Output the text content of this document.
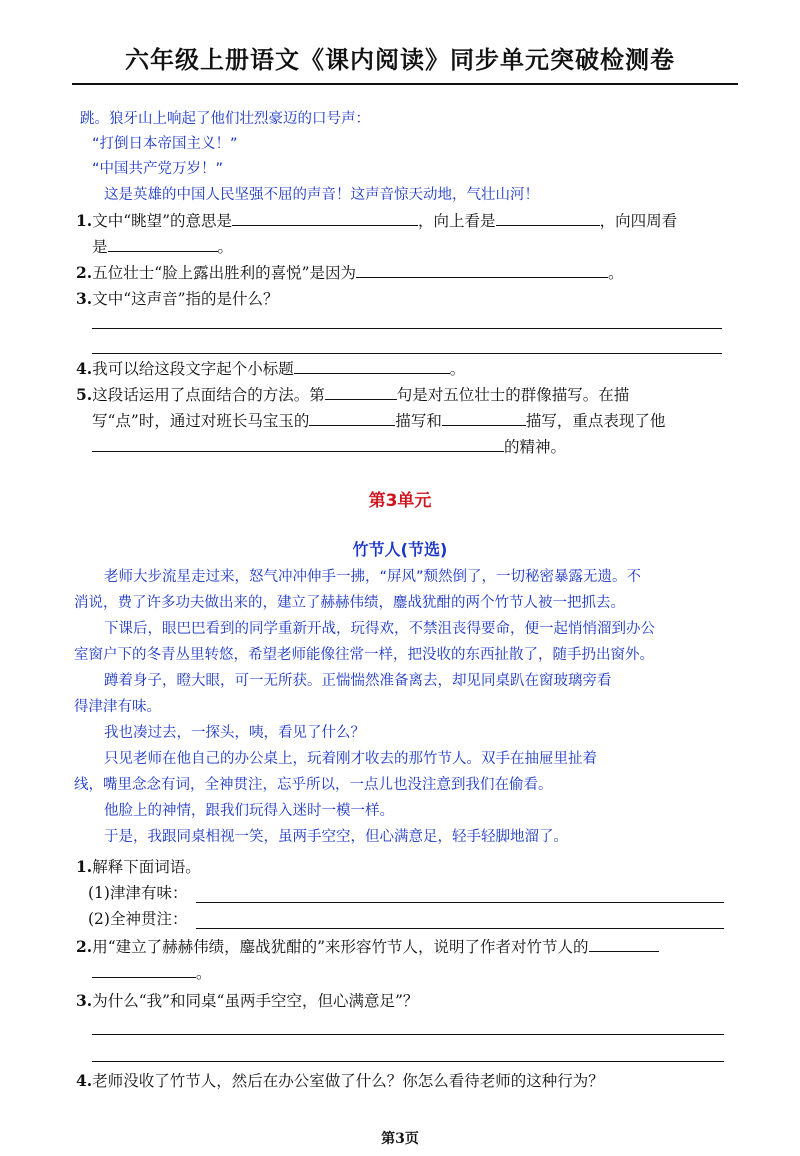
六年级上册语文《课内阅读》同步单元突破检测卷
跳。狼牙山上响起了他们壮烈豪迈的口号声：
“打倒日本帝国主义！”
“中国共产党万岁！”
这是英雄的中国人民坚强不屈的声音！这声音惊天动地，气壮山河！
1.文中“眺望”的意思是	，向上看是	，向四周看
是	。
2.五位壮士“脸上露出胜利的喜悦”是因为	。
3.文中“这声音”指的是什么？
4.我可以给这段文字起个小标题	。
5.这段话运用了点面结合的方法。第	句是对五位壮士的群像描写。在描
写“点”时，通过对班长马宝玉的	描写和	描写，重点表现了他
的精神。
第3单元
竹节人(节选)
老师大步流星走过来，怒气冲冲伸手一拂，“屏风”颓然倒了，一切秘密暴露无遗。不
消说，费了许多功夫做出来的，建立了赫赫伟绩，鏖战犹酣的两个竹节人被一把抓去。
下课后，眼巴巴看到的同学重新开战，玩得欢，不禁沮丧得要命，便一起悄悄溜到办公
室窗户下的冬青丛里转悠，希望老师能像往常一样，把没收的东西扯散了，随手扔出窗外。
蹲着身子，瞪大眼，可一无所获。正惴惴然准备离去，却见同桌趴在窗玻璃旁看
得津津有味。
我也凑过去，一探头，咦，看见了什么？
只见老师在他自己的办公桌上，玩着刚才收去的那竹节人。双手在抽屉里扯着
线，嘴里念念有词，全神贯注，忘乎所以，一点儿也没注意到我们在偷看。
他脸上的神情，跟我们玩得入迷时一模一样。
于是，我跟同桌相视一笑，虽两手空空，但心满意足，轻手轻脚地溜了。
1.解释下面词语。
(1)津津有味：
(2)全神贯注：
2.用“建立了赫赫伟绩，鏖战犹酣的”来形容竹节人，说明了作者对竹节人的
。
3.为什么“我”和同桌“虽两手空空，但心满意足”？
4.老师没收了竹节人，然后在办公室做了什么？你怎么看待老师的这种行为？
第3页
